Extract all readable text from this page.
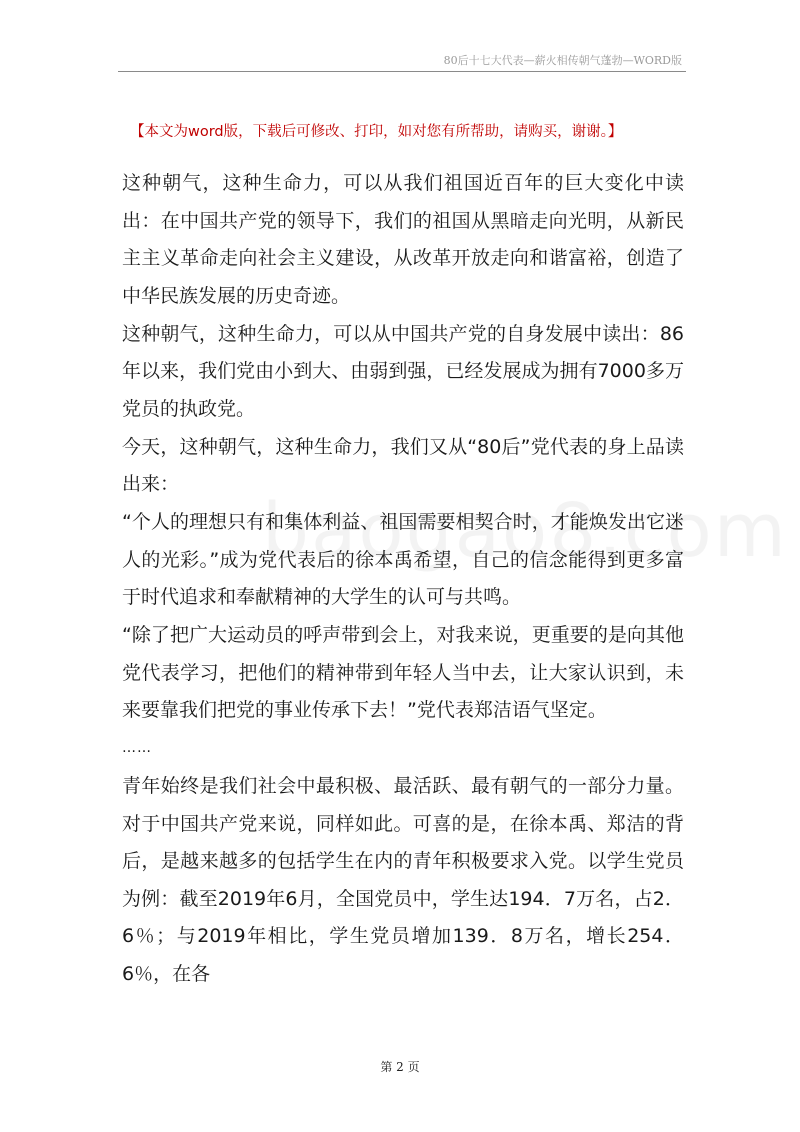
80后十七大代表—薪火相传朝气蓬勃—WORD版
【本文为word版，下载后可修改、打印，如对您有所帮助，请购买，谢谢。】

这种朝气，这种生命力，可以从我们祖国近百年的巨大变化中读出：在中国共产党的领导下，我们的祖国从黑暗走向光明，从新民主主义革命走向社会主义建设，从改革开放走向和谐富裕，创造了中华民族发展的历史奇迹。

这种朝气，这种生命力，可以从中国共产党的自身发展中读出：86年以来，我们党由小到大、由弱到强，已经发展成为拥有7000多万党员的执政党。

今天，这种朝气，这种生命力，我们又从“80后”党代表的身上品读出来：

“个人的理想只有和集体利益、祖国需要相契合时，才能焕发出它迷人的光彩。”成为党代表后的徐本禹希望，自己的信念能得到更多富于时代追求和奉献精神的大学生的认可与共鸣。

“除了把广大运动员的呼声带到会上，对我来说，更重要的是向其他党代表学习，把他们的精神带到年轻人当中去，让大家认识到，未来要靠我们把党的事业传承下去！”党代表郑洁语气坚定。

……

青年始终是我们社会中最积极、最活跃、最有朝气的一部分力量。对于中国共产党来说，同样如此。可喜的是，在徐本禹、郑洁的背后，是越来越多的包括学生在内的青年积极要求入党。以学生党员为例：截至2019年6月，全国党员中，学生达194．7万名，占2．6％；与2019年相比，学生党员增加139．8万名，增长254．6％，在各

第 2 页
